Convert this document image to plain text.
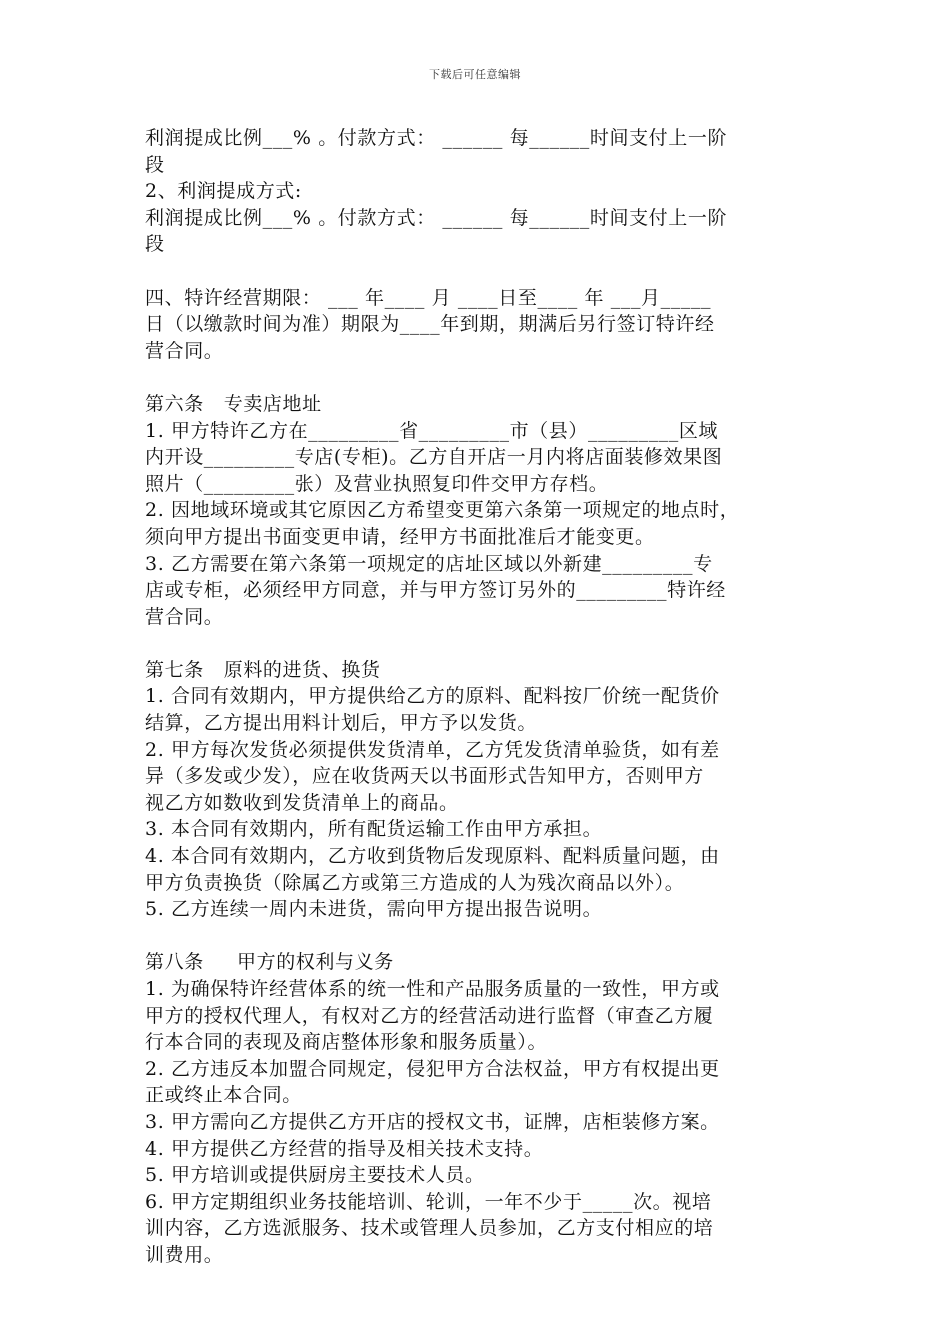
下载后可任意编辑
利润提成比例___% 。付款方式： ______ 每______时间支付上一阶
段
2、利润提成方式:
利润提成比例___% 。付款方式： ______ 每______时间支付上一阶
段
四、特许经营期限： ___ 年____ 月 ____日至____ 年 ___月_____
日（以缴款时间为准）期限为____年到期，期满后另行签订特许经
营合同。
第六条   专卖店地址
1. 甲方特许乙方在_________省_________市（县）_________区域
内开设_________专店(专柜)。乙方自开店一月内将店面装修效果图
照片（_________张）及营业执照复印件交甲方存档。
2. 因地域环境或其它原因乙方希望变更第六条第一项规定的地点时，
须向甲方提出书面变更申请，经甲方书面批准后才能变更。
3. 乙方需要在第六条第一项规定的店址区域以外新建_________专
店或专柜，必须经甲方同意，并与甲方签订另外的_________特许经
营合同。
第七条   原料的进货、换货
1. 合同有效期内，甲方提供给乙方的原料、配料按厂价统一配货价
结算，乙方提出用料计划后，甲方予以发货。
2. 甲方每次发货必须提供发货清单，乙方凭发货清单验货，如有差
异（多发或少发），应在收货两天以书面形式告知甲方，否则甲方
视乙方如数收到发货清单上的商品。
3. 本合同有效期内，所有配货运输工作由甲方承担。
4. 本合同有效期内，乙方收到货物后发现原料、配料质量问题，由
甲方负责换货（除属乙方或第三方造成的人为残次商品以外）。
5. 乙方连续一周内未进货，需向甲方提出报告说明。
第八条     甲方的权利与义务
1. 为确保特许经营体系的统一性和产品服务质量的一致性，甲方或
甲方的授权代理人，有权对乙方的经营活动进行监督（审查乙方履
行本合同的表现及商店整体形象和服务质量）。
2. 乙方违反本加盟合同规定，侵犯甲方合法权益，甲方有权提出更
正或终止本合同。
3. 甲方需向乙方提供乙方开店的授权文书，证牌，店柜装修方案。
4. 甲方提供乙方经营的指导及相关技术支持。
5. 甲方培训或提供厨房主要技术人员。
6. 甲方定期组织业务技能培训、轮训，一年不少于_____次。视培
训内容，乙方选派服务、技术或管理人员参加，乙方支付相应的培
训费用。
